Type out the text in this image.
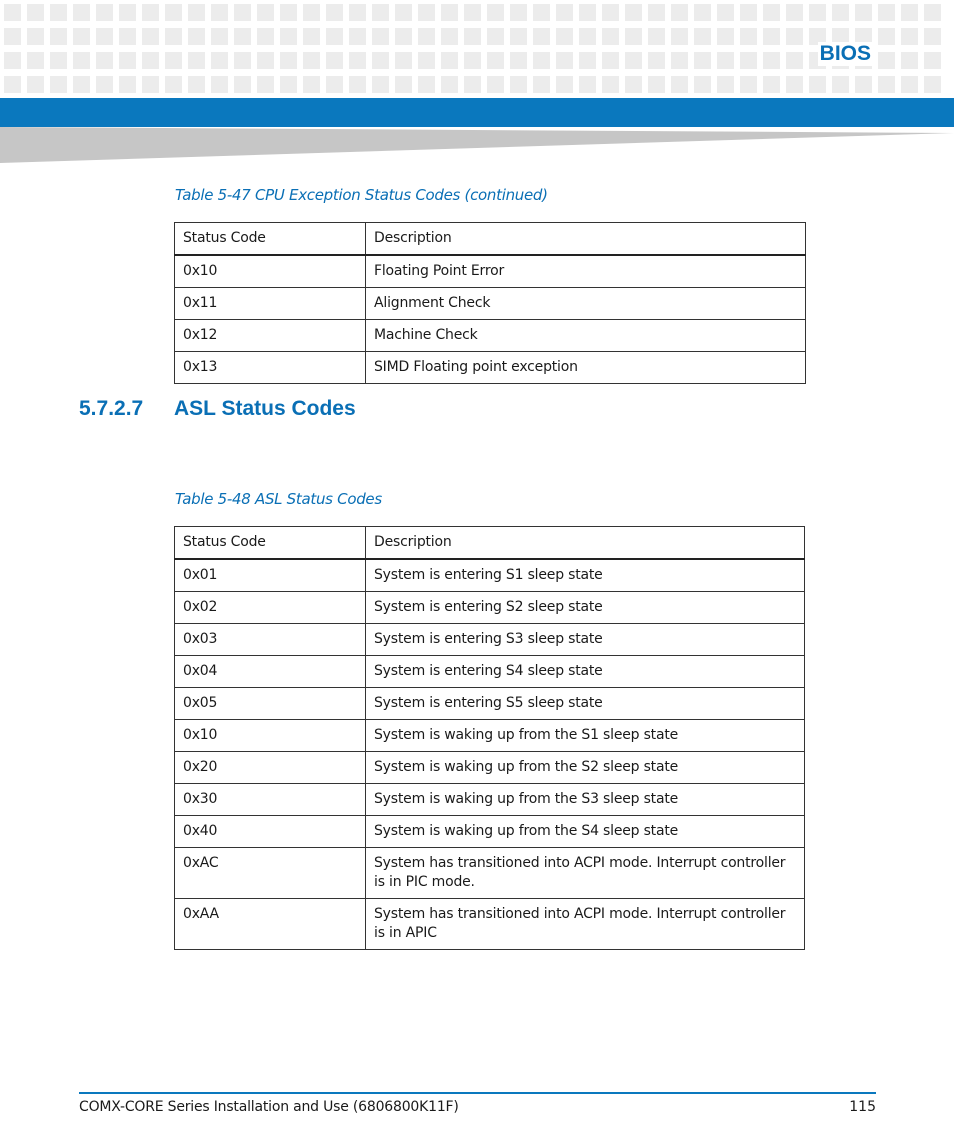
BIOS
Table 5-47 CPU Exception Status Codes (continued)
Status Code	Description
0x10	Floating Point Error
0x11	Alignment Check
0x12	Machine Check
0x13	SIMD Floating point exception
5.7.2.7 ASL Status Codes
Table 5-48 ASL Status Codes
Status Code	Description
0x01	System is entering S1 sleep state
0x02	System is entering S2 sleep state
0x03	System is entering S3 sleep state
0x04	System is entering S4 sleep state
0x05	System is entering S5 sleep state
0x10	System is waking up from the S1 sleep state
0x20	System is waking up from the S2 sleep state
0x30	System is waking up from the S3 sleep state
0x40	System is waking up from the S4 sleep state
0xAC	System has transitioned into ACPI mode. Interrupt controller is in PIC mode.
0xAA	System has transitioned into ACPI mode. Interrupt controller is in APIC
COMX-CORE Series Installation and Use (6806800K11F)	115
